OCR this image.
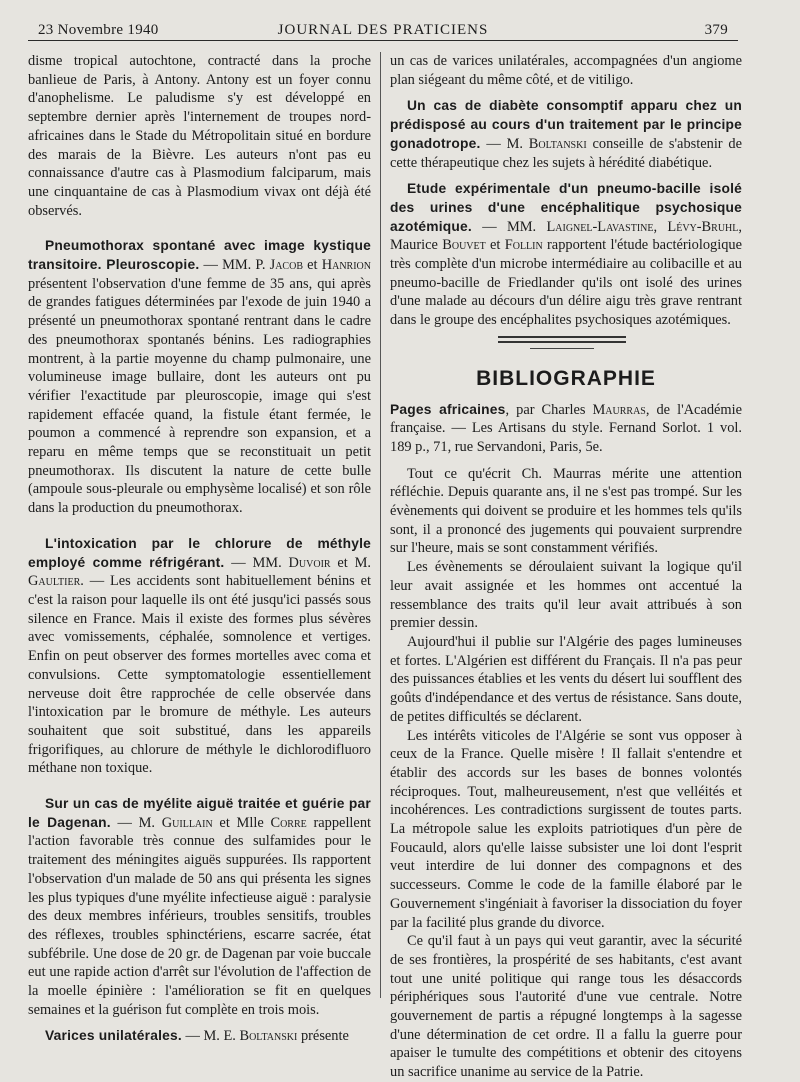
23 Novembre 1940	JOURNAL DES PRATICIENS	379

disme tropical autochtone, contracté dans la proche banlieue de Paris, à Antony. Antony est un foyer connu d'anophelisme. Le paludisme s'y est développé en septembre dernier après l'internement de troupes nord-africaines dans le Stade du Métropolitain situé en bordure des marais de la Bièvre. Les auteurs n'ont pas eu connaissance d'autre cas à Plasmodium falciparum, mais une cinquantaine de cas à Plasmodium vivax ont déjà été observés.

Pneumothorax spontané avec image kystique transitoire. Pleuroscopie. — MM. P. Jacob et Hanrion présentent l'observation d'une femme de 35 ans, qui après de grandes fatigues déterminées par l'exode de juin 1940 a présenté un pneumothorax spontané rentrant dans le cadre des pneumothorax spontanés bénins. Les radiographies montrent, à la partie moyenne du champ pulmonaire, une volumineuse image bullaire, dont les auteurs ont pu vérifier l'exactitude par pleuroscopie, image qui s'est rapidement effacée quand, la fistule étant fermée, le poumon a commencé à reprendre son expansion, et a reparu en même temps que se reconstituait un petit pneumothorax. Ils discutent la nature de cette bulle (ampoule sous-pleurale ou emphysème localisé) et son rôle dans la production du pneumothorax.

L'intoxication par le chlorure de méthyle employé comme réfrigérant. — MM. Duvoir et M. Gaultier. — Les accidents sont habituellement bénins et c'est la raison pour laquelle ils ont été jusqu'ici passés sous silence en France. Mais il existe des formes plus sévères avec vomissements, céphalée, somnolence et vertiges. Enfin on peut observer des formes mortelles avec coma et convulsions. Cette symptomatologie essentiellement nerveuse doit être rapprochée de celle observée dans l'intoxication par le bromure de méthyle. Les auteurs souhaitent que soit substitué, dans les appareils frigorifiques, au chlorure de méthyle le dichlorodifluoro méthane non toxique.

Sur un cas de myélite aiguë traitée et guérie par le Dagenan. — M. Guillain et Mlle Corre rappellent l'action favorable très connue des sulfamides pour le traitement des méningites aiguës suppurées. Ils rapportent l'observation d'un malade de 50 ans qui présenta les signes les plus typiques d'une myélite infectieuse aiguë : paralysie des deux membres inférieurs, troubles sensitifs, troubles des réflexes, troubles sphinctériens, escarre sacrée, état subfébrile. Une dose de 20 gr. de Dagenan par voie buccale eut une rapide action d'arrêt sur l'évolution de l'affection de la moelle épinière : l'amélioration se fit en quelques semaines et la guérison fut complète en trois mois.

Varices unilatérales. — M. E. Boltanski présente

un cas de varices unilatérales, accompagnées d'un angiome plan siégeant du même côté, et de vitiligo.

Un cas de diabète consomptif apparu chez un prédisposé au cours d'un traitement par le principe gonadotrope. — M. Boltanski conseille de s'abstenir de cette thérapeutique chez les sujets à hérédité diabétique.

Etude expérimentale d'un pneumo-bacille isolé des urines d'une encéphalitique psychosique azotémique. — MM. Laignel-Lavastine, Lévy-Bruhl, Maurice Bouvet et Follin rapportent l'étude bactériologique très complète d'un microbe intermédiaire au colibacille et au pneumo-bacille de Friedlander qu'ils ont isolé des urines d'une malade au décours d'un délire aigu très grave rentrant dans le groupe des encéphalites psychosiques azotémiques.

BIBLIOGRAPHIE

Pages africaines, par Charles Maurras, de l'Académie française. — Les Artisans du style. Fernand Sorlot. 1 vol. 189 p., 71, rue Servandoni, Paris, 5e.

Tout ce qu'écrit Ch. Maurras mérite une attention réfléchie. Depuis quarante ans, il ne s'est pas trompé. Sur les évènements qui doivent se produire et les hommes tels qu'ils sont, il a prononcé des jugements qui pouvaient surprendre sur l'heure, mais se sont constamment vérifiés.

Les évènements se déroulaient suivant la logique qu'il leur avait assignée et les hommes ont accentué la ressemblance des traits qu'il leur avait attribués à son premier dessin.

Aujourd'hui il publie sur l'Algérie des pages lumineuses et fortes. L'Algérien est différent du Français. Il n'a pas peur des puissances établies et les vents du désert lui soufflent des goûts d'indépendance et des vertus de résistance. Sans doute, de petites difficultés se déclarent.

Les intérêts viticoles de l'Algérie se sont vus opposer à ceux de la France. Quelle misère ! Il fallait s'entendre et établir des accords sur les bases de bonnes volontés réciproques. Tout, malheureusement, n'est que velléités et incohérences. Les contradictions surgissent de toutes parts. La métropole salue les exploits patriotiques d'un père de Foucauld, alors qu'elle laisse subsister une loi dont l'esprit veut interdire de lui donner des compagnons et des successeurs. Comme le code de la famille élaboré par le Gouvernement s'ingéniait à favoriser la dissociation du foyer par la facilité plus grande du divorce.

Ce qu'il faut à un pays qui veut garantir, avec la sécurité de ses frontières, la prospérité de ses habitants, c'est avant tout une unité politique qui range tous les désaccords périphériques sous l'autorité d'une vue centrale. Notre gouvernement de partis a répugné longtemps à la sagesse d'une détermination de cet ordre. Il a fallu la guerre pour apaiser le tumulte des compétitions et obtenir des citoyens un sacrifice unanime au service de la Patrie.
